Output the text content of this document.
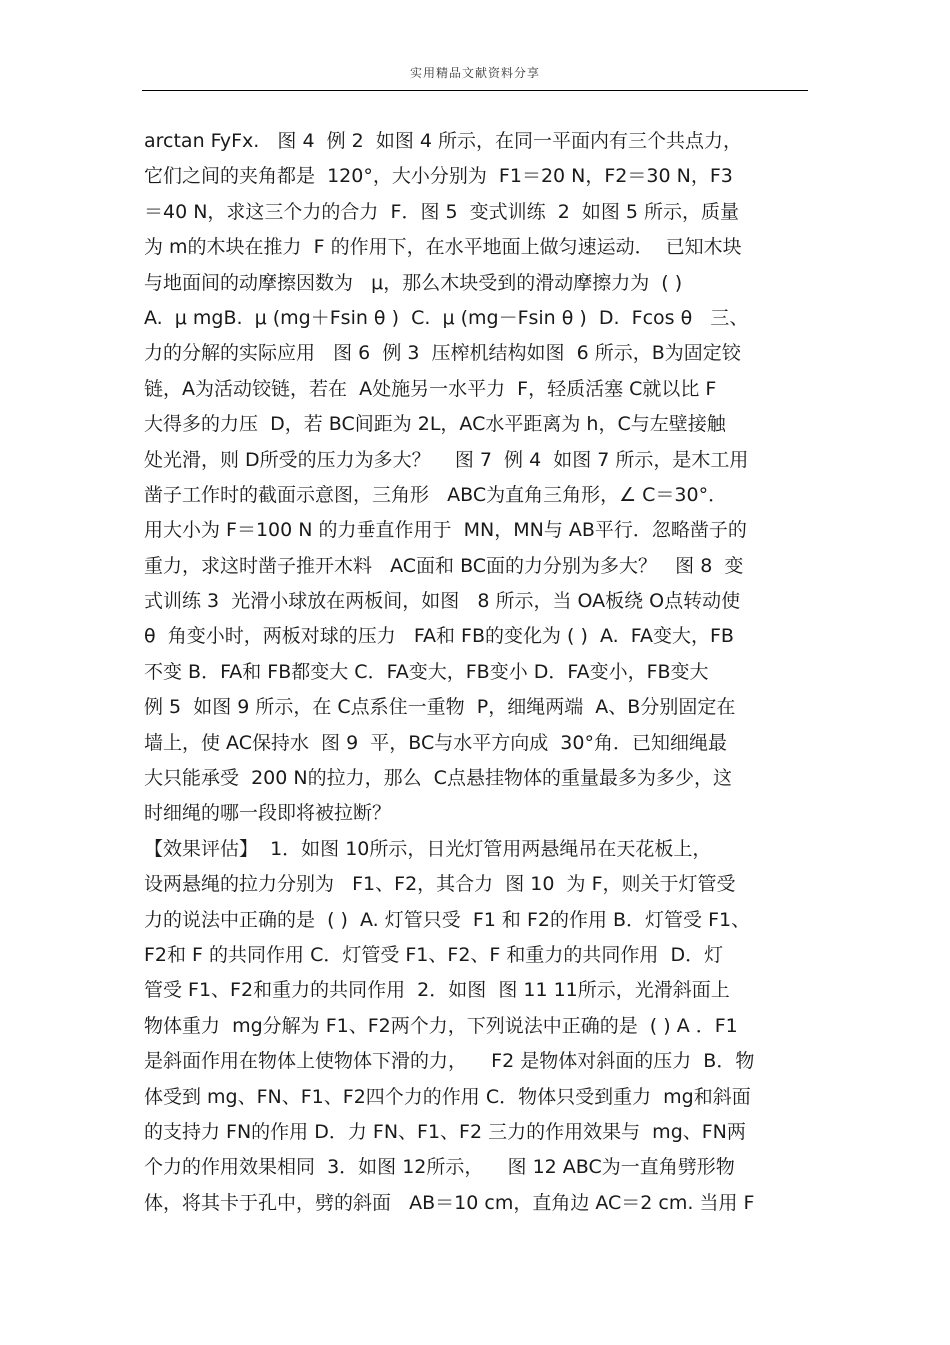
实用精品文献资料分享
arctan FyFx.   图 4  例 2  如图 4 所示，在同一平面内有三个共点力，
它们之间的夹角都是  120°，大小分别为  F1＝20 N，F2＝30 N，F3
＝40 N，求这三个力的合力  F．图 5  变式训练  2  如图 5 所示，质量
为 m的木块在推力  F 的作用下，在水平地面上做匀速运动．  已知木块
与地面间的动摩擦因数为   μ，那么木块受到的滑动摩擦力为  ( )
A.  μ mgB.  μ (mg＋Fsin θ )  C.  μ (mg－Fsin θ )  D.  Fcos θ   三、
力的分解的实际应用   图 6  例 3  压榨机结构如图  6 所示，B为固定铰
链，A为活动铰链，若在  A处施另一水平力  F，轻质活塞 C就以比 F
大得多的力压  D，若 BC间距为 2L，AC水平距离为 h，C与左壁接触
处光滑，则 D所受的压力为多大？    图 7  例 4  如图 7 所示，是木工用
凿子工作时的截面示意图，三角形   ABC为直角三角形，∠ C＝30°．
用大小为 F＝100 N 的力垂直作用于  MN，MN与 AB平行．忽略凿子的
重力，求这时凿子推开木料   AC面和 BC面的力分别为多大？   图 8  变
式训练 3  光滑小球放在两板间，如图   8 所示，当 OA板绕 O点转动使
θ  角变小时，两板对球的压力   FA和 FB的变化为 ( )  A.  FA变大，FB
不变 B．FA和 FB都变大 C．FA变大，FB变小 D．FA变小，FB变大
例 5  如图 9 所示，在 C点系住一重物  P，细绳两端  A、B分别固定在
墙上，使 AC保持水  图 9  平，BC与水平方向成  30°角．已知细绳最
大只能承受  200 N的拉力，那么  C点悬挂物体的重量最多为多少，这
时细绳的哪一段即将被拉断？
【效果评估】  1．如图 10所示，日光灯管用两悬绳吊在天花板上，
设两悬绳的拉力分别为   F1、F2，其合力  图 10  为 F，则关于灯管受
力的说法中正确的是  ( )  A. 灯管只受  F1 和 F2的作用 B．灯管受 F1、
F2和 F 的共同作用 C．灯管受 F1、F2、F 和重力的共同作用  D．灯
管受 F1、F2和重力的共同作用  2．如图  图 11 11所示，光滑斜面上
物体重力  mg分解为 F1、F2两个力，下列说法中正确的是  ( ) A ．F1
是斜面作用在物体上使物体下滑的力，    F2 是物体对斜面的压力  B．物
体受到 mg、FN、F1、F2四个力的作用 C．物体只受到重力  mg和斜面
的支持力 FN的作用 D．力 FN、F1、F2 三力的作用效果与  mg、FN两
个力的作用效果相同  3．如图 12所示，    图 12 ABC为一直角劈形物
体，将其卡于孔中，劈的斜面   AB＝10 cm，直角边 AC＝2 cm. 当用 F
